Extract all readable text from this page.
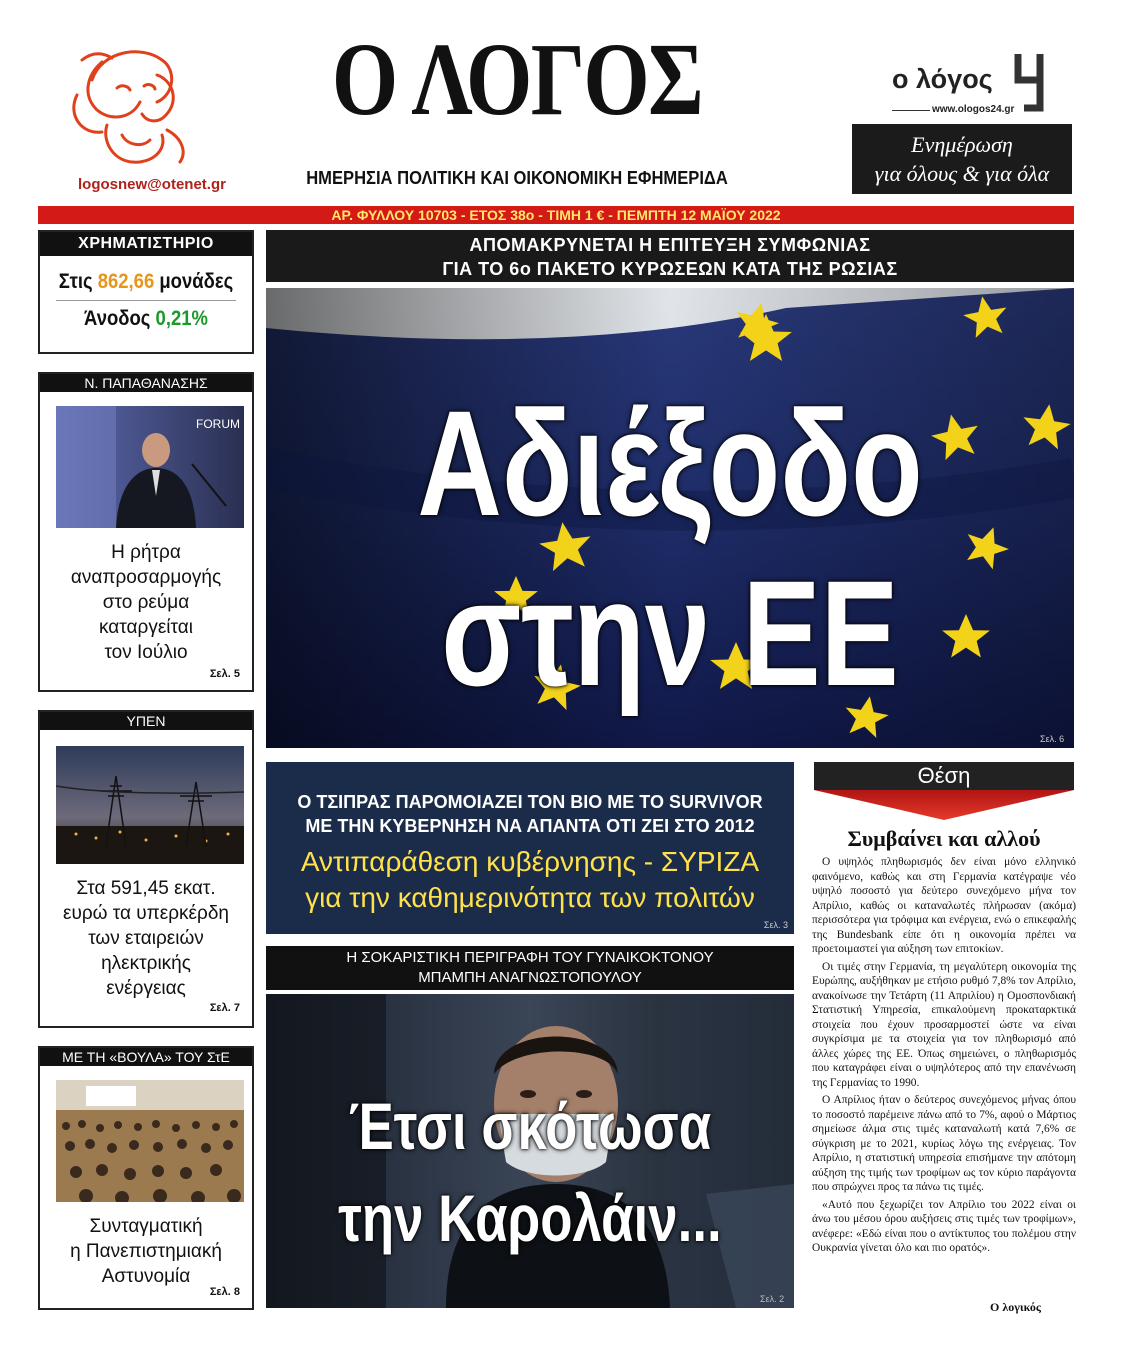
logosnew@otenet.gr
Ο ΛΟΓΟΣ
ΗΜΕΡΗΣΙΑ ΠΟΛΙΤΙΚΗ ΚΑΙ ΟΙΚΟΝΟΜΙΚΗ ΕΦΗΜΕΡΙΔΑ
ο λόγος
www.ologos24.gr
Ενημέρωση
για όλους & για όλα
ΑΡ. ΦΥΛΛΟΥ 10703 - ΕΤΟΣ 38ο - ΤΙΜΗ 1 € - ΠΕΜΠΤΗ 12 ΜΑΪΟΥ 2022
ΧΡΗΜΑΤΙΣΤΗΡΙΟ
Στις 862,66 μονάδες
Άνοδος 0,21%
Ν. ΠΑΠΑΘΑΝΑΣΗΣ
FORUM
Η ρήτρα
αναπροσαρμογής
στο ρεύμα
καταργείται
τον Ιούλιο
Σελ. 5
ΥΠΕΝ
Στα 591,45 εκατ.
ευρώ τα υπερκέρδη
των εταιρειών
ηλεκτρικής
ενέργειας
Σελ. 7
ΜΕ ΤΗ «ΒΟΥΛΑ» ΤΟΥ ΣτΕ
Συνταγματική
η Πανεπιστημιακή
Αστυνομία
Σελ. 8
ΑΠΟΜΑΚΡΥΝΕΤΑΙ Η ΕΠΙΤΕΥΞΗ ΣΥΜΦΩΝΙΑΣ
ΓΙΑ ΤΟ 6ο ΠΑΚΕΤΟ ΚΥΡΩΣΕΩΝ ΚΑΤΑ ΤΗΣ ΡΩΣΙΑΣ
Αδιέξοδο
στην ΕΕ
Σελ. 6
Ο ΤΣΙΠΡΑΣ ΠΑΡΟΜΟΙΑΖΕΙ ΤΟΝ ΒΙΟ ΜΕ ΤΟ SURVIVOR
ΜΕ ΤΗΝ ΚΥΒΕΡΝΗΣΗ ΝΑ ΑΠΑΝΤΑ ΟΤΙ ΖΕΙ ΣΤΟ 2012
Αντιπαράθεση κυβέρνησης - ΣΥΡΙΖΑ
για την καθημερινότητα των πολιτών
Σελ. 3
Η ΣΟΚΑΡΙΣΤΙΚΗ ΠΕΡΙΓΡΑΦΗ ΤΟΥ ΓΥΝΑΙΚΟΚΤΟΝΟΥ
ΜΠΑΜΠΗ ΑΝΑΓΝΩΣΤΟΠΟΥΛΟΥ
Έτσι σκότωσα
την Καρολάιν...
Σελ. 2
Θέση
Συμβαίνει και αλλού

Ο υψηλός πληθωρισμός δεν είναι μόνο ελληνικό φαινόμενο, καθώς και στη Γερμανία κατέγραψε νέο υψηλό ποσοστό για δεύτερο συνεχόμενο μήνα τον Απρίλιο, καθώς οι καταναλωτές πλήρωσαν (ακόμα) περισσότερα για τρόφιμα και ενέργεια, ενώ ο επικεφαλής της Bundesbank είπε ότι η οικονομία πρέπει να προετοιμαστεί για αύξηση των επιτοκίων.

Οι τιμές στην Γερμανία, τη μεγαλύτερη οικονομία της Ευρώπης, αυξήθηκαν με ετήσιο ρυθμό 7,8% τον Απρίλιο, ανακοίνωσε την Τετάρτη (11 Απριλίου) η Ομοσπονδιακή Στατιστική Υπηρεσία, επικαλούμενη προκαταρκτικά στοιχεία που έχουν προσαρμοστεί ώστε να είναι συγκρίσιμα με τα στοιχεία για τον πληθωρισμό από άλλες χώρες της ΕΕ. Όπως σημειώνει, ο πληθωρισμός που καταγράφει είναι ο υψηλότερος από την επανένωση της Γερμανίας το 1990.

Ο Απρίλιος ήταν ο δεύτερος συνεχόμενος μήνας όπου το ποσοστό παρέμεινε πάνω από το 7%, αφού ο Μάρτιος σημείωσε άλμα στις τιμές καταναλωτή κατά 7,6% σε σύγκριση με το 2021, κυρίως λόγω της ενέργειας. Τον Απρίλιο, η στατιστική υπηρεσία επισήμανε την απότομη αύξηση της τιμής των τροφίμων ως τον κύριο παράγοντα που σπρώχνει προς τα πάνω τις τιμές.

«Αυτό που ξεχωρίζει τον Απρίλιο του 2022 είναι οι άνω του μέσου όρου αυξήσεις στις τιμές των τροφίμων», ανέφερε: «Εδώ είναι που ο αντίκτυπος του πολέμου στην Ουκρανία γίνεται όλο και πιο ορατός».

Ο λογικός
